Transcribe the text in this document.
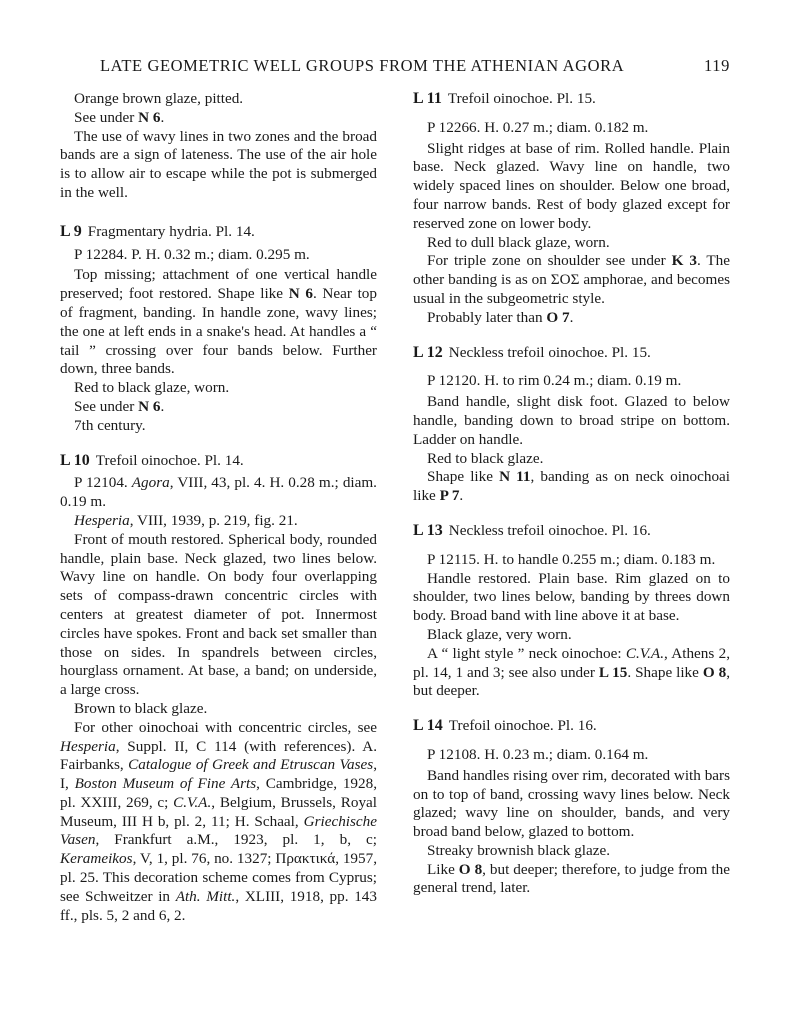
LATE GEOMETRIC WELL GROUPS FROM THE ATHENIAN AGORA	119

Orange brown glaze, pitted.

See under N 6.

The use of wavy lines in two zones and the broad bands are a sign of lateness. The use of the air hole is to allow air to escape while the pot is submerged in the well.

L 9 Fragmentary hydria. Pl. 14.

P 12284. P. H. 0.32 m.; diam. 0.295 m.

Top missing; attachment of one vertical handle preserved; foot restored. Shape like N 6. Near top of fragment, banding. In handle zone, wavy lines; the one at left ends in a snake's head. At handles a “ tail ” crossing over four bands below. Further down, three bands.

Red to black glaze, worn.

See under N 6.

7th century.

L 10 Trefoil oinochoe. Pl. 14.

P 12104. Agora, VIII, 43, pl. 4. H. 0.28 m.; diam. 0.19 m.

Hesperia, VIII, 1939, p. 219, fig. 21.

Front of mouth restored. Spherical body, rounded handle, plain base. Neck glazed, two lines below. Wavy line on handle. On body four overlapping sets of compass-drawn concentric circles with centers at greatest diameter of pot. Innermost circles have spokes. Front and back set smaller than those on sides. In spandrels between circles, hourglass ornament. At base, a band; on underside, a large cross.

Brown to black glaze.

For other oinochoai with concentric circles, see Hesperia, Suppl. II, C 114 (with references). A. Fairbanks, Catalogue of Greek and Etruscan Vases, I, Boston Museum of Fine Arts, Cambridge, 1928, pl. XXIII, 269, c; C.V.A., Belgium, Brussels, Royal Museum, III H b, pl. 2, 11; H. Schaal, Griechische Vasen, Frankfurt a.M., 1923, pl. 1, b, c; Kerameikos, V, 1, pl. 76, no. 1327; Πρακτικά, 1957, pl. 25. This decoration scheme comes from Cyprus; see Schweitzer in Ath. Mitt., XLIII, 1918, pp. 143 ff., pls. 5, 2 and 6, 2.

L 11 Trefoil oinochoe. Pl. 15.

P 12266. H. 0.27 m.; diam. 0.182 m.

Slight ridges at base of rim. Rolled handle. Plain base. Neck glazed. Wavy line on handle, two widely spaced lines on shoulder. Below one broad, four narrow bands. Rest of body glazed except for reserved zone on lower body.

Red to dull black glaze, worn.

For triple zone on shoulder see under K 3. The other banding is as on ΣΟΣ amphorae, and becomes usual in the subgeometric style.

Probably later than O 7.

L 12 Neckless trefoil oinochoe. Pl. 15.

P 12120. H. to rim 0.24 m.; diam. 0.19 m.

Band handle, slight disk foot. Glazed to below handle, banding down to broad stripe on bottom. Ladder on handle.

Red to black glaze.

Shape like N 11, banding as on neck oinochoai like P 7.

L 13 Neckless trefoil oinochoe. Pl. 16.

P 12115. H. to handle 0.255 m.; diam. 0.183 m.

Handle restored. Plain base. Rim glazed on to shoulder, two lines below, banding by threes down body. Broad band with line above it at base.

Black glaze, very worn.

A “ light style ” neck oinochoe: C.V.A., Athens 2, pl. 14, 1 and 3; see also under L 15. Shape like O 8, but deeper.

L 14 Trefoil oinochoe. Pl. 16.

P 12108. H. 0.23 m.; diam. 0.164 m.

Band handles rising over rim, decorated with bars on to top of band, crossing wavy lines below. Neck glazed; wavy line on shoulder, bands, and very broad band below, glazed to bottom.

Streaky brownish black glaze.

Like O 8, but deeper; therefore, to judge from the general trend, later.
